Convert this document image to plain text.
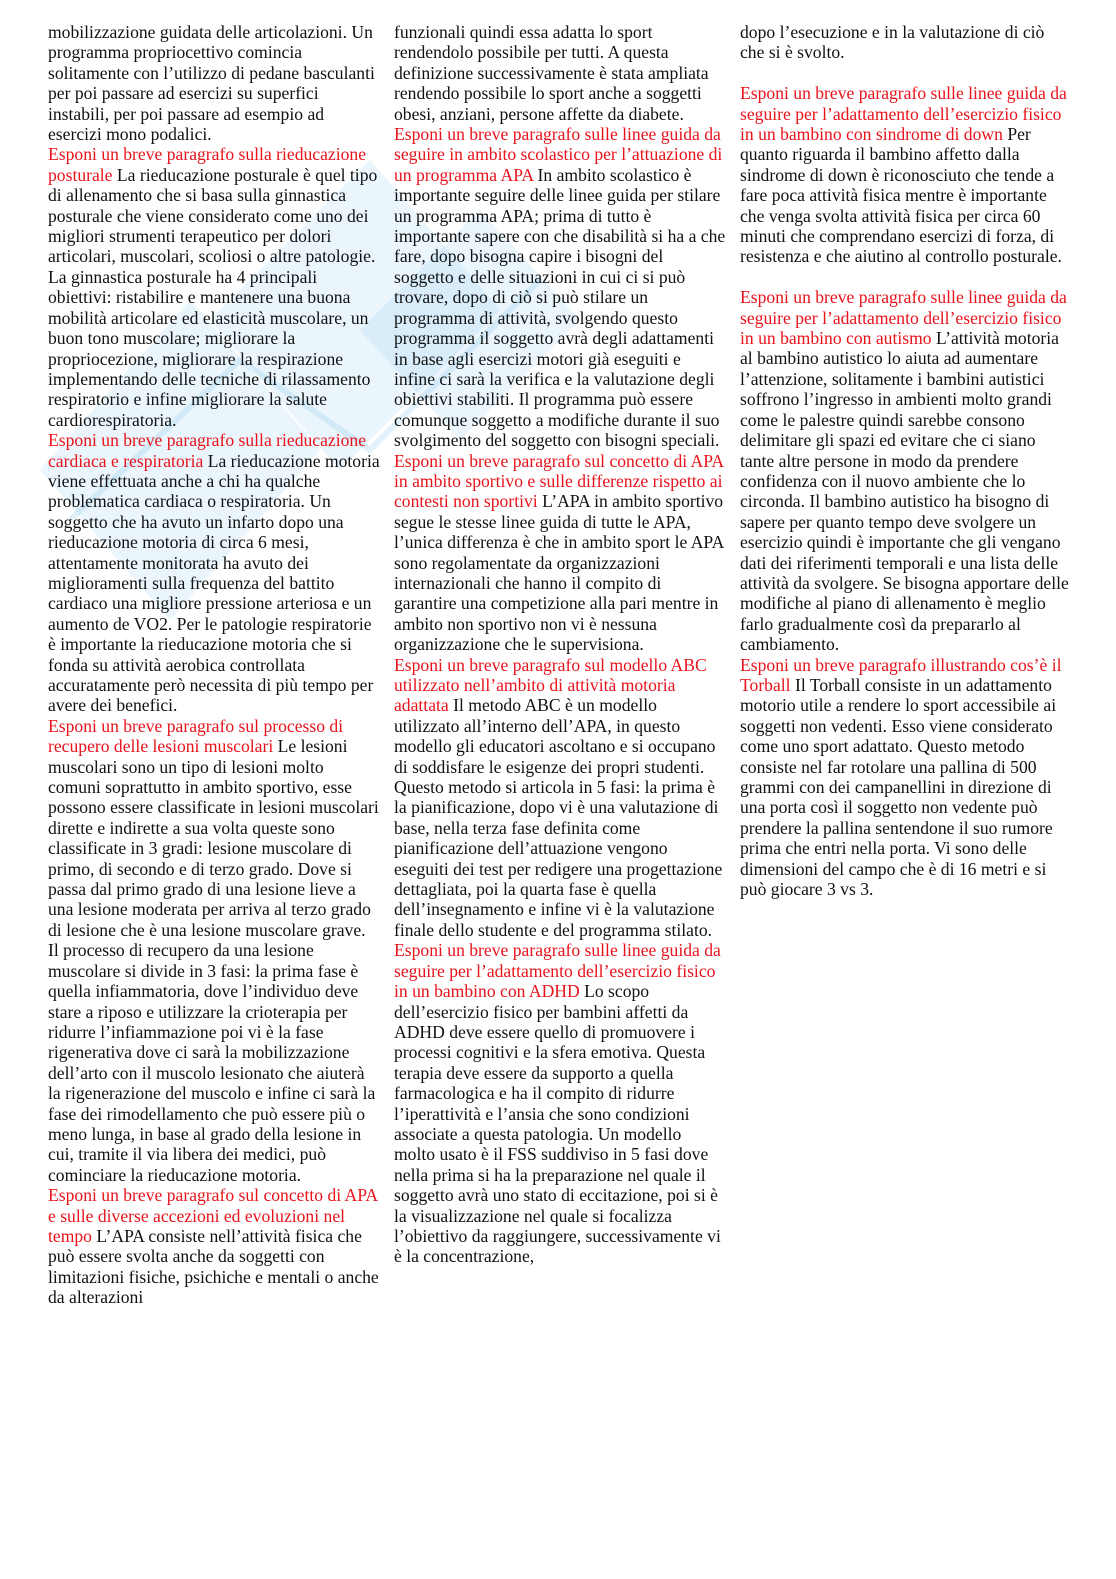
mobilizzazione guidata delle articolazioni. Un programma propriocettivo comincia solitamente con l’utilizzo di pedane basculanti per poi passare ad esercizi su superfici instabili, per poi passare ad esempio ad esercizi mono podalici.

Esponi un breve paragrafo sulla rieducazione posturale La rieducazione posturale è quel tipo di allenamento che si basa sulla ginnastica posturale che viene considerato come uno dei migliori strumenti terapeutico per dolori articolari, muscolari, scoliosi o altre patologie. La ginnastica posturale ha 4 principali obiettivi: ristabilire e mantenere una buona mobilità articolare ed elasticità muscolare, un buon tono muscolare; migliorare la propriocezione, migliorare la respirazione implementando delle tecniche di rilassamento respiratorio e infine migliorare la salute cardiorespiratoria.

Esponi un breve paragrafo sulla rieducazione cardiaca e respiratoria La rieducazione motoria viene effettuata anche a chi ha qualche problematica cardiaca o respiratoria. Un soggetto che ha avuto un infarto dopo una rieducazione motoria di circa 6 mesi, attentamente monitorata ha avuto dei miglioramenti sulla frequenza del battito cardiaco una migliore pressione arteriosa e un aumento de VO2. Per le patologie respiratorie è importante la rieducazione motoria che si fonda su attività aerobica controllata accuratamente però necessita di più tempo per avere dei benefici.

Esponi un breve paragrafo sul processo di recupero delle lesioni muscolari Le lesioni muscolari sono un tipo di lesioni molto comuni soprattutto in ambito sportivo, esse possono essere classificate in lesioni muscolari dirette e indirette a sua volta queste sono classificate in 3 gradi: lesione muscolare di primo, di secondo e di terzo grado. Dove si passa dal primo grado di una lesione lieve a una lesione moderata per arriva al terzo grado di lesione che è una lesione muscolare grave. Il processo di recupero da una lesione muscolare si divide in 3 fasi: la prima fase è quella infiammatoria, dove l’individuo deve stare a riposo e utilizzare la crioterapia per ridurre l’infiammazione poi vi è la fase rigenerativa dove ci sarà la mobilizzazione dell’arto con il muscolo lesionato che aiuterà la rigenerazione del muscolo e infine ci sarà la fase dei rimodellamento che può essere più o meno lunga, in base al grado della lesione in cui, tramite il via libera dei medici, può cominciare la rieducazione motoria.

Esponi un breve paragrafo sul concetto di APA e sulle diverse accezioni ed evoluzioni nel tempo L’APA consiste nell’attività fisica che può essere svolta anche da soggetti con limitazioni fisiche, psichiche e mentali o anche da alterazioni

funzionali quindi essa adatta lo sport rendendolo possibile per tutti. A questa definizione successivamente è stata ampliata rendendo possibile lo sport anche a soggetti obesi, anziani, persone affette da diabete.

Esponi un breve paragrafo sulle linee guida da seguire in ambito scolastico per l’attuazione di un programma APA In ambito scolastico è importante seguire delle linee guida per stilare un programma APA; prima di tutto è importante sapere con che disabilità si ha a che fare, dopo bisogna capire i bisogni del soggetto e delle situazioni in cui ci si può trovare, dopo di ciò si può stilare un programma di attività, svolgendo questo programma il soggetto avrà degli adattamenti in base agli esercizi motori già eseguiti e infine ci sarà la verifica e la valutazione degli obiettivi stabiliti. Il programma può essere comunque soggetto a modifiche durante il suo svolgimento del soggetto con bisogni speciali.

Esponi un breve paragrafo sul concetto di APA in ambito sportivo e sulle differenze rispetto ai contesti non sportivi L’APA in ambito sportivo segue le stesse linee guida di tutte le APA, l’unica differenza è che in ambito sport le APA sono regolamentate da organizzazioni internazionali che hanno il compito di garantire una competizione alla pari mentre in ambito non sportivo non vi è nessuna organizzazione che le supervisiona.

Esponi un breve paragrafo sul modello ABC utilizzato nell’ambito di attività motoria adattata Il metodo ABC è un modello utilizzato all’interno dell’APA, in questo modello gli educatori ascoltano e si occupano di soddisfare le esigenze dei propri studenti. Questo metodo si articola in 5 fasi: la prima è la pianificazione, dopo vi è una valutazione di base, nella terza fase definita come pianificazione dell’attuazione vengono eseguiti dei test per redigere una progettazione dettagliata, poi la quarta fase è quella dell’insegnamento e infine vi è la valutazione finale dello studente e del programma stilato.

Esponi un breve paragrafo sulle linee guida da seguire per l’adattamento dell’esercizio fisico in un bambino con ADHD Lo scopo dell’esercizio fisico per bambini affetti da ADHD deve essere quello di promuovere i processi cognitivi e la sfera emotiva. Questa terapia deve essere da supporto a quella farmacologica e ha il compito di ridurre l’iperattività e l’ansia che sono condizioni associate a questa patologia. Un modello molto usato è il FSS suddiviso in 5 fasi dove nella prima si ha la preparazione nel quale il soggetto avrà uno stato di eccitazione, poi si è la visualizzazione nel quale si focalizza l’obiettivo da raggiungere, successivamente vi è la concentrazione,

dopo l’esecuzione e in la valutazione di ciò che si è svolto.

Esponi un breve paragrafo sulle linee guida da seguire per l’adattamento dell’esercizio fisico in un bambino con sindrome di down Per quanto riguarda il bambino affetto dalla sindrome di down è riconosciuto che tende a fare poca attività fisica mentre è importante che venga svolta attività fisica per circa 60 minuti che comprendano esercizi di forza, di resistenza e che aiutino al controllo posturale.

Esponi un breve paragrafo sulle linee guida da seguire per l’adattamento dell’esercizio fisico in un bambino con autismo L’attività motoria al bambino autistico lo aiuta ad aumentare l’attenzione, solitamente i bambini autistici soffrono l’ingresso in ambienti molto grandi come le palestre quindi sarebbe consono delimitare gli spazi ed evitare che ci siano tante altre persone in modo da prendere confidenza con il nuovo ambiente che lo circonda. Il bambino autistico ha bisogno di sapere per quanto tempo deve svolgere un esercizio quindi è importante che gli vengano dati dei riferimenti temporali e una lista delle attività da svolgere. Se bisogna apportare delle modifiche al piano di allenamento è meglio farlo gradualmente così da prepararlo al cambiamento.

Esponi un breve paragrafo illustrando cos’è il Torball Il Torball consiste in un adattamento motorio utile a rendere lo sport accessibile ai soggetti non vedenti. Esso viene considerato come uno sport adattato. Questo metodo consiste nel far rotolare una pallina di 500 grammi con dei campanellini in direzione di una porta così il soggetto non vedente può prendere la pallina sentendone il suo rumore prima che entri nella porta. Vi sono delle dimensioni del campo che è di 16 metri e si può giocare 3 vs 3.
